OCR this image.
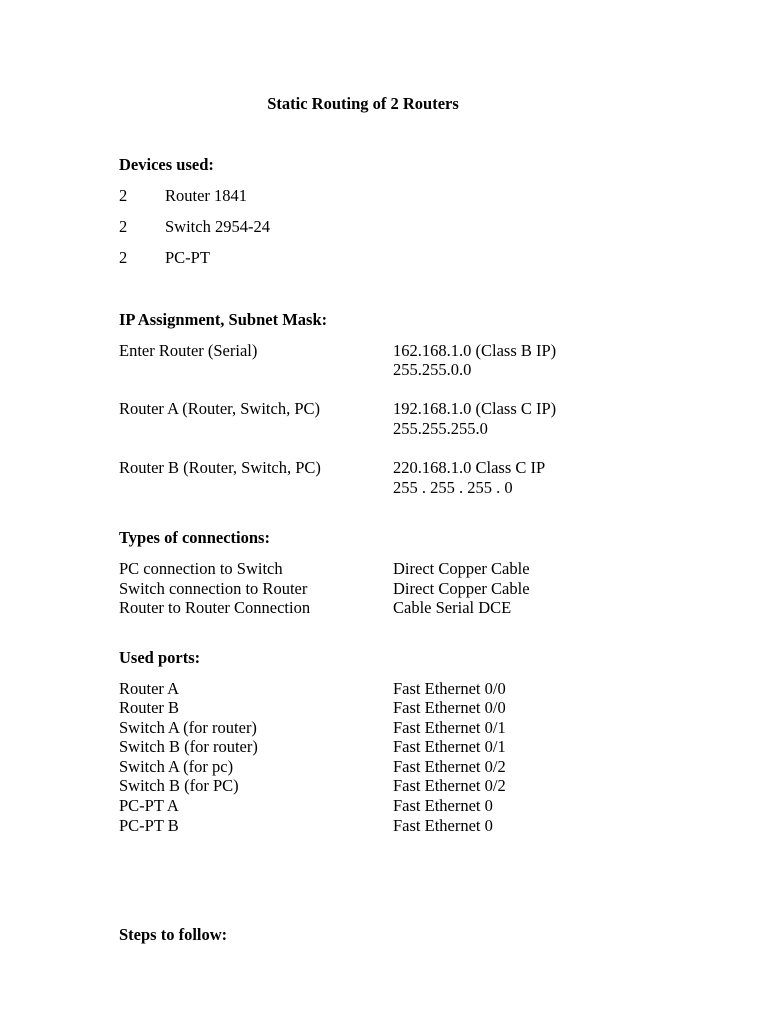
Static Routing of 2 Routers
Devices used:
2 Router 1841
2 Switch 2954-24
2 PC-PT
IP Assignment, Subnet Mask:
Enter Router (Serial)	162.168.1.0 (Class B IP)
255.255.0.0
Router A (Router, Switch, PC)	192.168.1.0 (Class C IP)
255.255.255.0
Router B (Router, Switch, PC)	220.168.1.0 Class C IP
255 . 255 . 255 . 0
Types of connections:
PC connection to Switch	Direct Copper Cable
Switch connection to Router	Direct Copper Cable
Router to Router Connection	Cable Serial DCE
Used ports:
Router A	Fast Ethernet 0/0
Router B	Fast Ethernet 0/0
Switch A (for router)	Fast Ethernet 0/1
Switch B (for router)	Fast Ethernet 0/1
Switch A (for pc)	Fast Ethernet 0/2
Switch B (for PC)	Fast Ethernet 0/2
PC-PT A	Fast Ethernet 0
PC-PT B	Fast Ethernet 0
Steps to follow:
